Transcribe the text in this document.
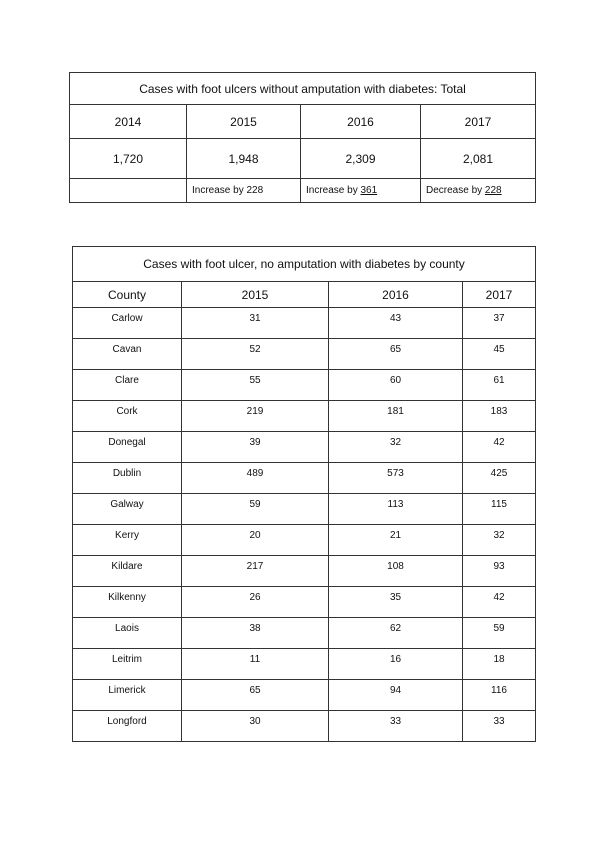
Cases with foot ulcers without amputation with diabetes: Total			
2014	2015	2016	2017
1,720	1,948	2,309	2,081
	Increase by 228	Increase by 361	Decrease by 228
Cases with foot ulcer, no amputation with diabetes by county			
County	2015	2016	2017
Carlow	31	43	37
Cavan	52	65	45
Clare	55	60	61
Cork	219	181	183
Donegal	39	32	42
Dublin	489	573	425
Galway	59	113	115
Kerry	20	21	32
Kildare	217	108	93
Kilkenny	26	35	42
Laois	38	62	59
Leitrim	11	16	18
Limerick	65	94	116
Longford	30	33	33
